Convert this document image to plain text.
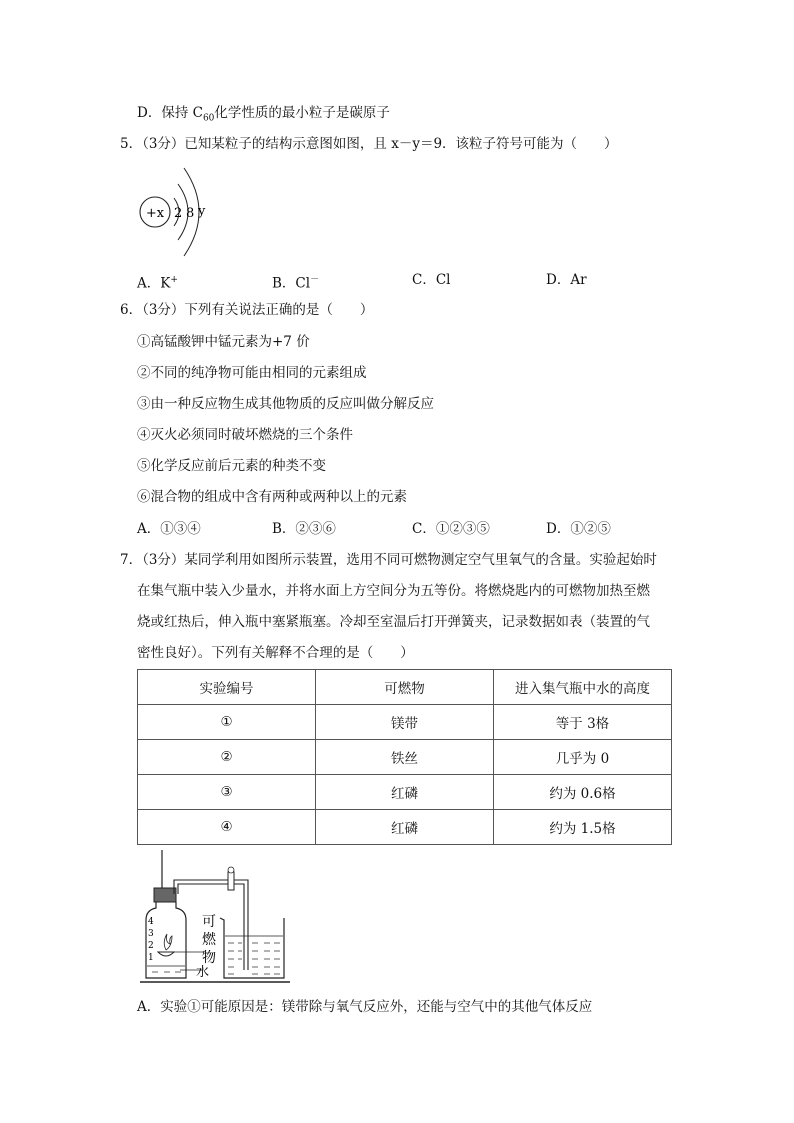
D．保持 $C_{60}$化学性质的最小粒子是碳原子
5．（3分）已知某粒子的结构示意图如图，且 x－y＝9．该粒子符号可能为（　　）
+x 2 8 y
A．K+	B．Cl－	C．Cl	D．Ar
6．（3分）下列有关说法正确的是（　　）
①高锰酸钾中锰元素为+7 价
②不同的纯净物可能由相同的元素组成
③由一种反应物生成其他物质的反应叫做分解反应
④灭火必须同时破坏燃烧的三个条件
⑤化学反应前后元素的种类不变
⑥混合物的组成中含有两种或两种以上的元素
A．①③④	B．②③⑥	C．①②③⑤	D．①②⑤
7．（3分）某同学利用如图所示装置，选用不同可燃物测定空气里氧气的含量。实验起始时
在集气瓶中装入少量水，并将水面上方空间分为五等份。将燃烧匙内的可燃物加热至燃
烧或红热后，伸入瓶中塞紧瓶塞。冷却至室温后打开弹簧夹，记录数据如表（装置的气
密性良好）。下列有关解释不合理的是（　　）
实验编号	可燃物	进入集气瓶中水的高度
①	镁带	等于 3格
②	铁丝	几乎为 0
③	红磷	约为 0.6格
④	红磷	约为 1.5格
4
3
2
1
可
燃
物
水
A．实验①可能原因是：镁带除与氧气反应外，还能与空气中的其他气体反应
